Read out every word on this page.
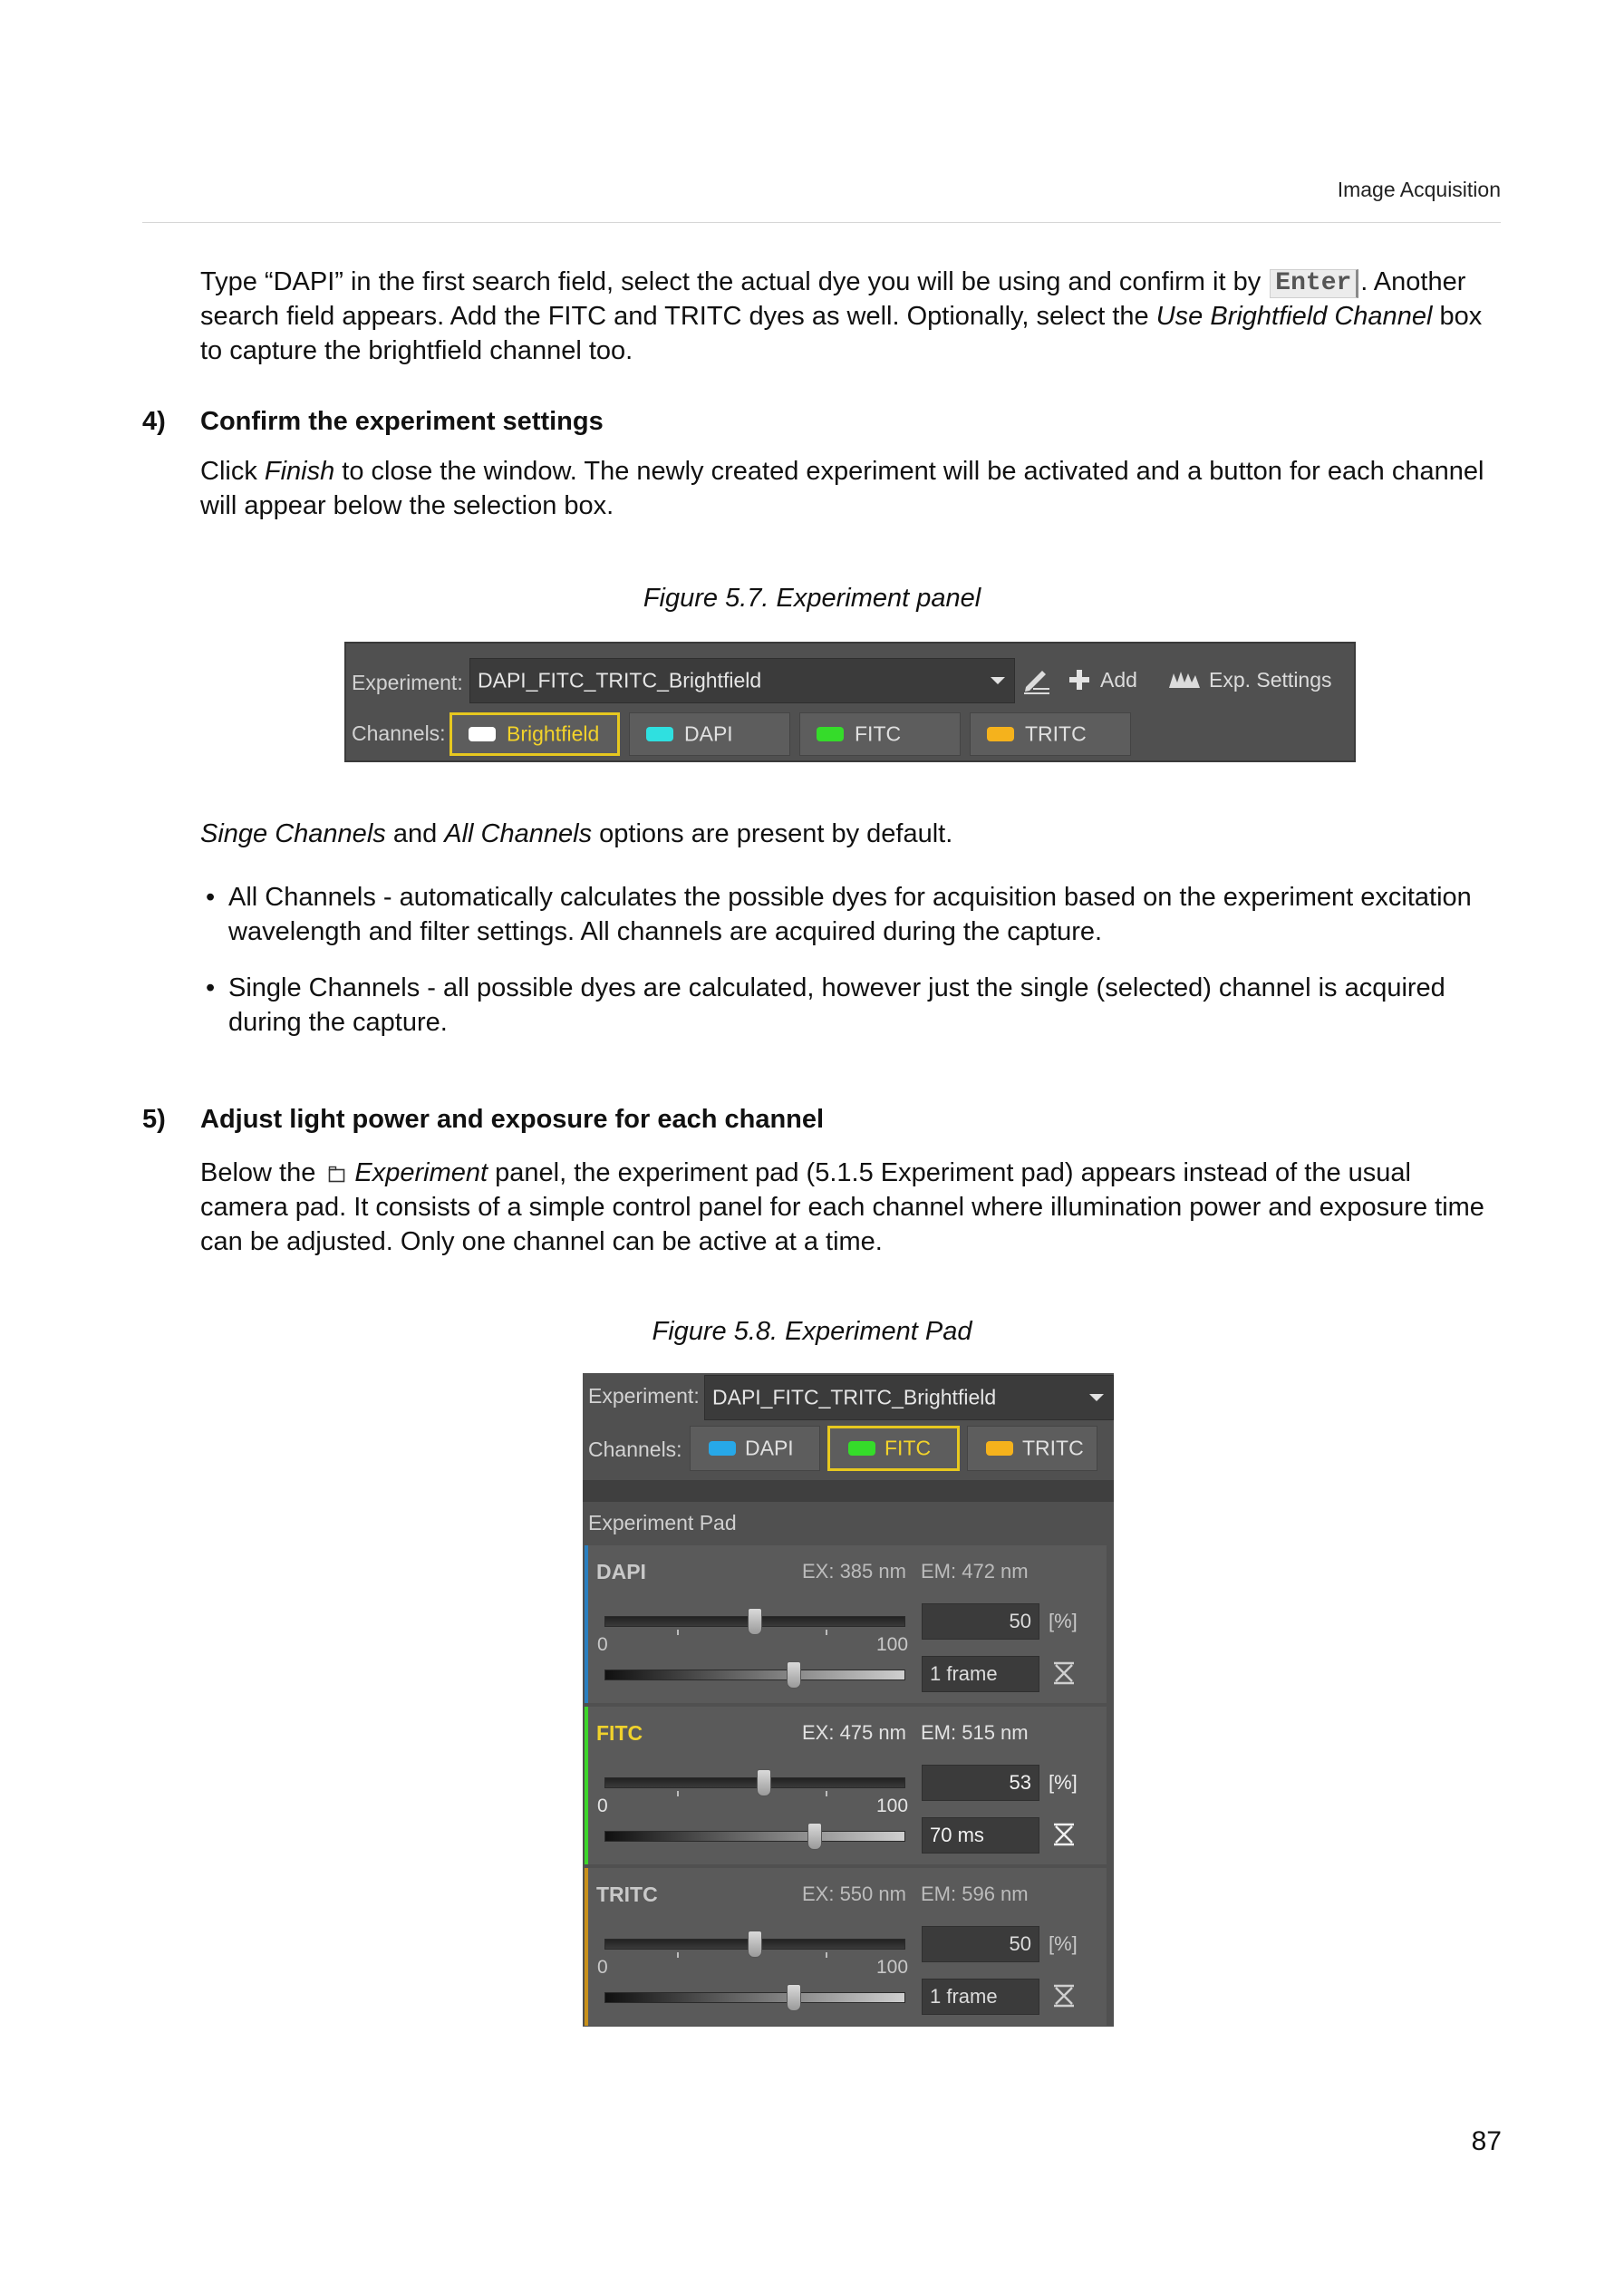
Image Acquisition
Type “DAPI” in the first search field, select the actual dye you will be using and confirm it by Enter . Another search field appears. Add the FITC and TRITC dyes as well. Optionally, select the Use Brightfield Channel box to capture the brightfield channel too.
4) Confirm the experiment settings
Click Finish to close the window. The newly created experiment will be activated and a button for each channel will appear below the selection box.
Figure 5.7. Experiment panel
Experiment: DAPI_FITC_TRITC_Brightfield	Add	Exp. Settings
Channels:	Brightfield	DAPI	FITC	TRITC
Singe Channels and All Channels options are present by default.
• All Channels - automatically calculates the possible dyes for acquisition based on the experiment excitation wavelength and filter settings. All channels are acquired during the capture.
• Single Channels - all possible dyes are calculated, however just the single (selected) channel is acquired during the capture.
5) Adjust light power and exposure for each channel
Below the Experiment panel, the experiment pad (5.1.5 Experiment pad) appears instead of the usual camera pad. It consists of a simple control panel for each channel where illumination power and exposure time can be adjusted. Only one channel can be active at a time.
Figure 5.8. Experiment Pad
Experiment: DAPI_FITC_TRITC_Brightfield
Channels:	DAPI	FITC	TRITC
Experiment Pad
DAPI	EX: 385 nm EM: 472 nm
0	100
50 [%]
1 frame
FITC	EX: 475 nm EM: 515 nm
0	100
53 [%]
70 ms
TRITC	EX: 550 nm EM: 596 nm
0	100
50 [%]
1 frame
87
